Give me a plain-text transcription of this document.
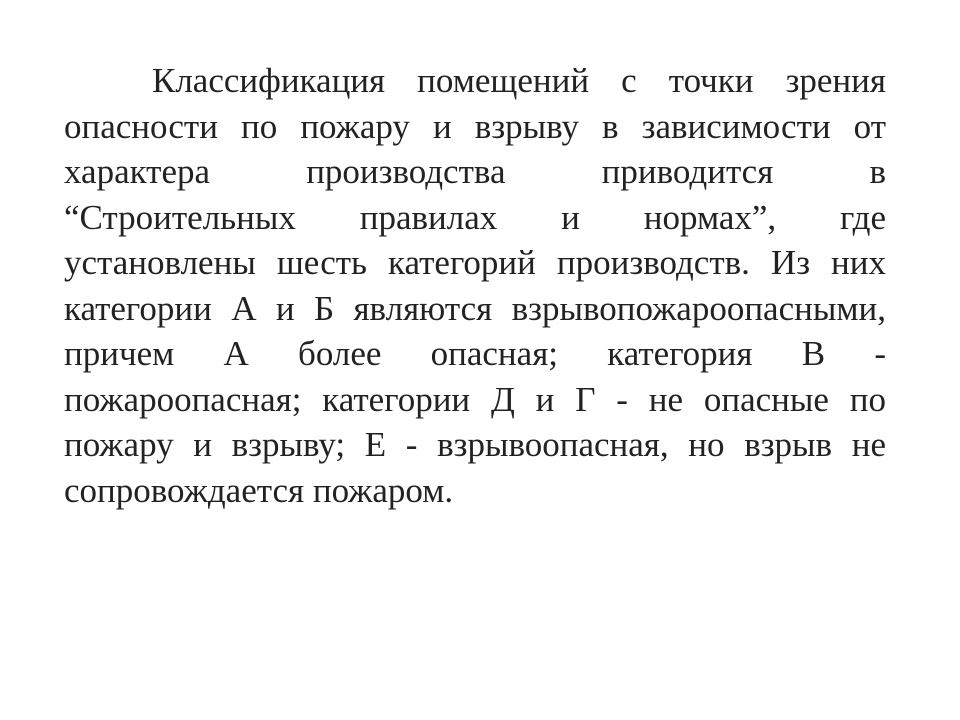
Классификация помещений с точки зрения
опасности по пожару и взрыву в зависимости от
характера производства приводится в
“Строительных правилах и нормах”, где
установлены шесть категорий производств. Из них
категории А и Б являются взрывопожароопасными,
причем А более опасная; категория В -
пожароопасная; категории Д и Г - не опасные по
пожару и взрыву; Е - взрывоопасная, но взрыв не
сопровождается пожаром.
